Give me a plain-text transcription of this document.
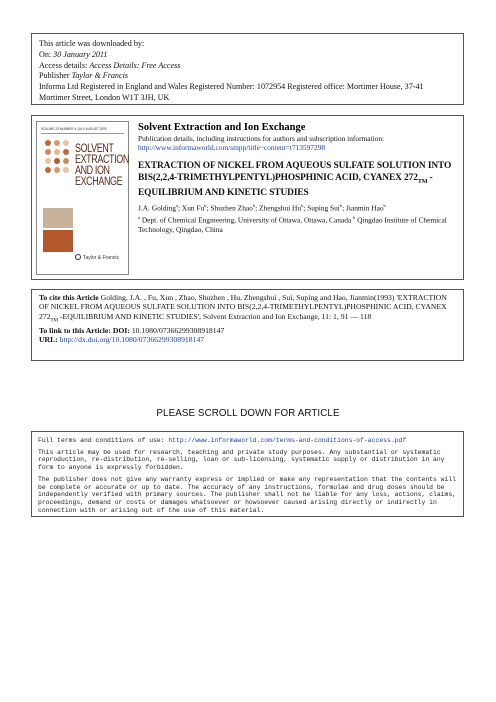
This article was downloaded by:
On: 30 January 2011
Access details: Access Details: Free Access
Publisher Taylor & Francis
Informa Ltd Registered in England and Wales Registered Number: 1072954 Registered office: Mortimer House, 37-41 Mortimer Street, London W1T 3JH, UK
VOLUME 23 NUMBER 4 JULY-AUGUST 2005
SOLVENT
EXTRACTION
AND ION
EXCHANGE
Taylor & Francis
Solvent Extraction and Ion Exchange
Publication details, including instructions for authors and subscription information:
http://www.informaworld.com/smpp/title~content=t713597298
EXTRACTION OF NICKEL FROM AQUEOUS SULFATE SOLUTION INTO BIS(2,2,4-TRIMETHYLPENTYL)PHOSPHINIC ACID, CYANEX $272_{TM}$ -EQUILIBRIUM AND KINETIC STUDIES
J.A. Golding$^a$; Xun Fu$^b$; Shuzhen Zhao$^b$; Zhengshui Hu$^b$; Suping Sui$^b$; Jianmin Hao$^b$
$^a$ Dept. of Chemical Engineering, University of Ottawa, Ottawa, Canada $^b$ Qingdao Institute of Chemical Technology, Qingdao, China
To cite this Article Golding, J.A. , Fu, Xun , Zhao, Shuzhen , Hu, Zhengshui , Sui, Suping and Hao, Jianmin(1993) 'EXTRACTION OF NICKEL FROM AQUEOUS SULFATE SOLUTION INTO BIS(2,2,4-TRIMETHYLPENTYL)PHOSPHINIC ACID, CYANEX $272_{TM}$ -EQUILIBRIUM AND KINETIC STUDIES', Solvent Extraction and Ion Exchange, 11: 1, 91 — 118
To link to this Article: DOI: 10.1080/07366299308918147
URL: http://dx.doi.org/10.1080/07366299308918147
PLEASE SCROLL DOWN FOR ARTICLE

Full terms and conditions of use: http://www.informaworld.com/terms-and-conditions-of-access.pdf

This article may be used for research, teaching and private study purposes. Any substantial or systematic reproduction, re-distribution, re-selling, loan or sub-licensing, systematic supply or distribution in any form to anyone is expressly forbidden.

The publisher does not give any warranty express or implied or make any representation that the contents will be complete or accurate or up to date. The accuracy of any instructions, formulae and drug doses should be independently verified with primary sources. The publisher shall not be liable for any loss, actions, claims, proceedings, demand or costs or damages whatsoever or howsoever caused arising directly or indirectly in connection with or arising out of the use of this material.
